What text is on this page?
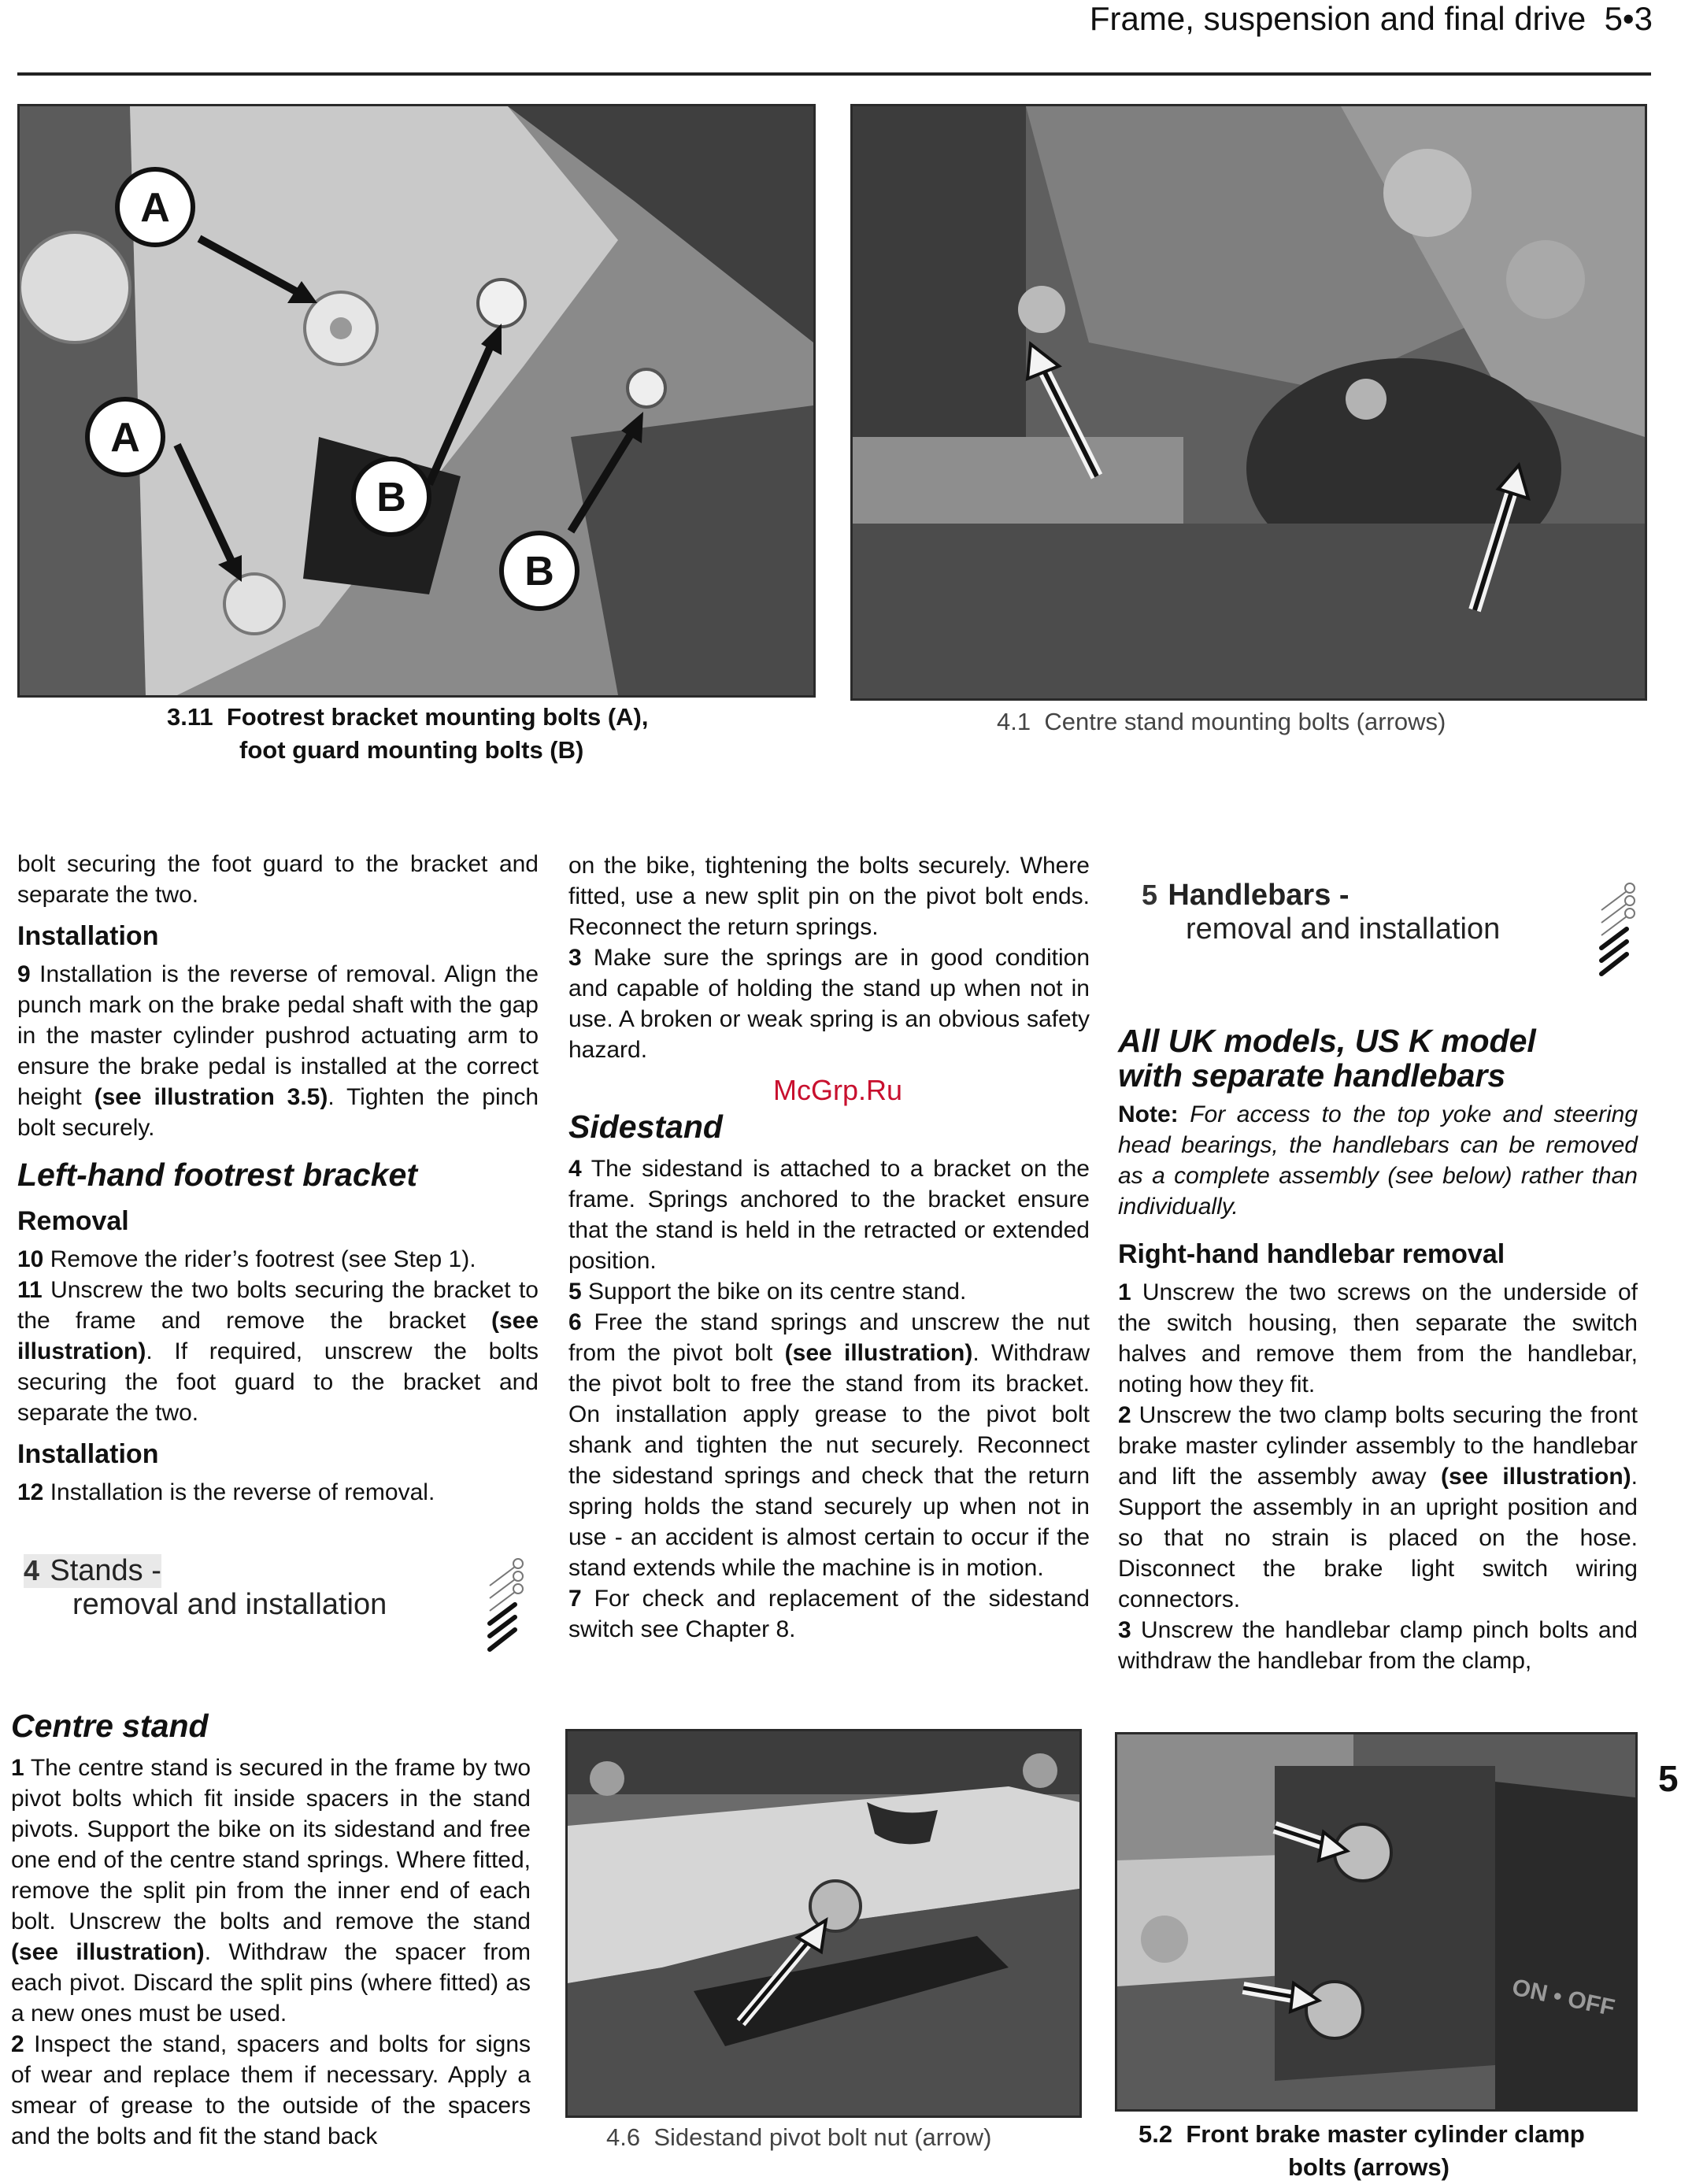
Frame, suspension and final drive 5•3
A
A
B
B
3.11 Footrest bracket mounting bolts (A),
foot guard mounting bolts (B)
4.1 Centre stand mounting bolts (arrows)

bolt securing the foot guard to the bracket and separate the two.

Installation

9 Installation is the reverse of removal. Align the punch mark on the brake pedal shaft with the gap in the master cylinder pushrod actuating arm to ensure the brake pedal is installed at the correct height (see illustration 3.5). Tighten the pinch bolt securely.

Left-hand footrest bracket
Removal

10 Remove the rider’s footrest (see Step 1).

11 Unscrew the two bolts securing the bracket to the frame and remove the bracket (see illustration). If required, unscrew the bolts securing the foot guard to the bracket and separate the two.

Installation

12 Installation is the reverse of removal.

4 Stands -
removal and installation
Centre stand

1 The centre stand is secured in the frame by two pivot bolts which fit inside spacers in the stand pivots. Support the bike on its sidestand and free one end of the centre stand springs. Where fitted, remove the split pin from the inner end of each bolt. Unscrew the bolts and remove the stand (see illustration). Withdraw the spacer from each pivot. Discard the split pins (where fitted) as a new ones must be used.

2 Inspect the stand, spacers and bolts for signs of wear and replace them if necessary. Apply a smear of grease to the outside of the spacers and the bolts and fit the stand back

on the bike, tightening the bolts securely. Where fitted, use a new split pin on the pivot bolt ends. Reconnect the return springs.

3 Make sure the springs are in good condition and capable of holding the stand up when not in use. A broken or weak spring is an obvious safety hazard.

Sidestand

4 The sidestand is attached to a bracket on the frame. Springs anchored to the bracket ensure that the stand is held in the retracted or extended position.

5 Support the bike on its centre stand.

6 Free the stand springs and unscrew the nut from the pivot bolt (see illustration). Withdraw the pivot bolt to free the stand from its bracket. On installation apply grease to the pivot bolt shank and tighten the nut securely. Reconnect the sidestand springs and check that the return spring holds the stand securely up when not in use - an accident is almost certain to occur if the stand extends while the machine is in motion.

7 For check and replacement of the sidestand switch see Chapter 8.

McGrp.Ru
5 Handlebars -
removal and installation
All UK models, US K model
with separate handlebars

Note: For access to the top yoke and steering head bearings, the handlebars can be removed as a complete assembly (see below) rather than individually.

Right-hand handlebar removal

1 Unscrew the two screws on the underside of the switch housing, then separate the switch halves and remove them from the handlebar, noting how they fit.

2 Unscrew the two clamp bolts securing the front brake master cylinder assembly to the handlebar and lift the assembly away (see illustration). Support the assembly in an upright position and so that no strain is placed on the hose. Disconnect the brake light switch wiring connectors.

3 Unscrew the handlebar clamp pinch bolts and withdraw the handlebar from the clamp,

5
4.6 Sidestand pivot bolt nut (arrow)
ON • OFF
5.2 Front brake master cylinder clamp
bolts (arrows)
